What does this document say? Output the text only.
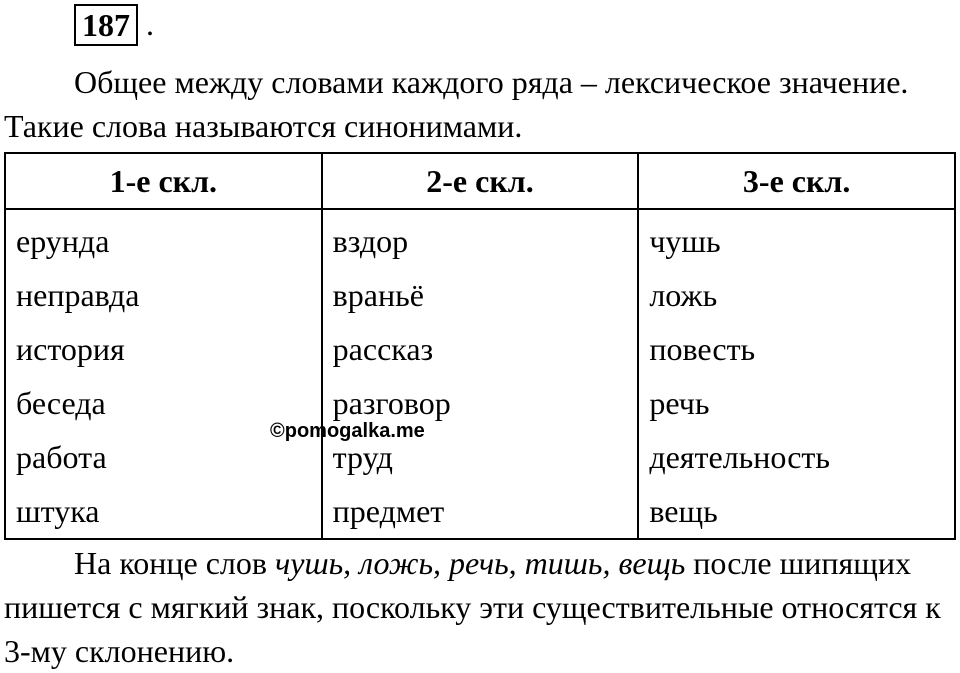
187 .

Общее между словами каждого ряда – лексическое значение. Такие слова называются синонимами.

1-е скл.	2-е скл.	3-е скл.
ерунда	вздор	чушь
неправда	враньё	ложь
история	рассказ	повесть
беседа	разговор	речь
работа	труд	деятельность
штука	предмет	вещь
©pomogalka.me

На конце слов чушь, ложь, речь, тишь, вещь после шипящих пишется с мягкий знак, поскольку эти существительные относятся к 3-му склонению.
